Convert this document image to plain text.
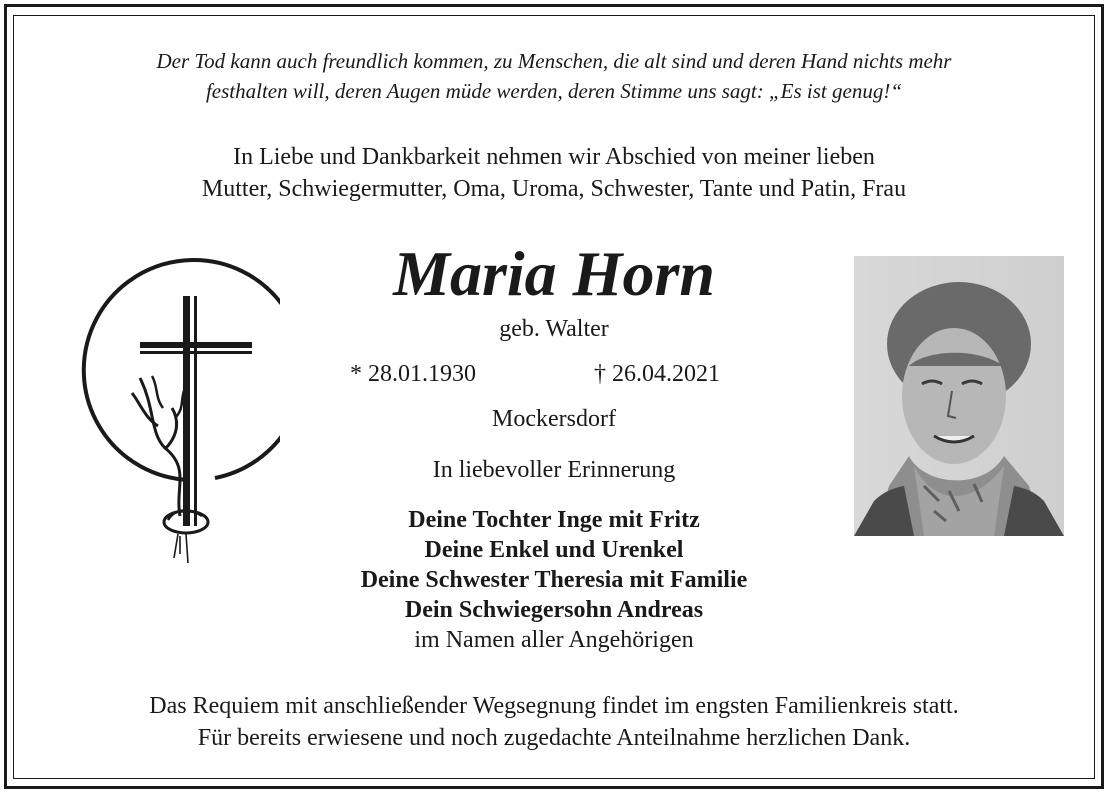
Der Tod kann auch freundlich kommen, zu Menschen, die alt sind und deren Hand nichts mehr
festhalten will, deren Augen müde werden, deren Stimme uns sagt: „Es ist genug!“
In Liebe und Dankbarkeit nehmen wir Abschied von meiner lieben
Mutter, Schwiegermutter, Oma, Uroma, Schwester, Tante und Patin, Frau
Maria Horn
geb. Walter
* 28.01.1930	† 26.04.2021
Mockersdorf
In liebevoller Erinnerung
Deine Tochter Inge mit Fritz
Deine Enkel und Urenkel
Deine Schwester Theresia mit Familie
Dein Schwiegersohn Andreas
im Namen aller Angehörigen
Das Requiem mit anschließender Wegsegnung findet im engsten Familienkreis statt.
Für bereits erwiesene und noch zugedachte Anteilnahme herzlichen Dank.
